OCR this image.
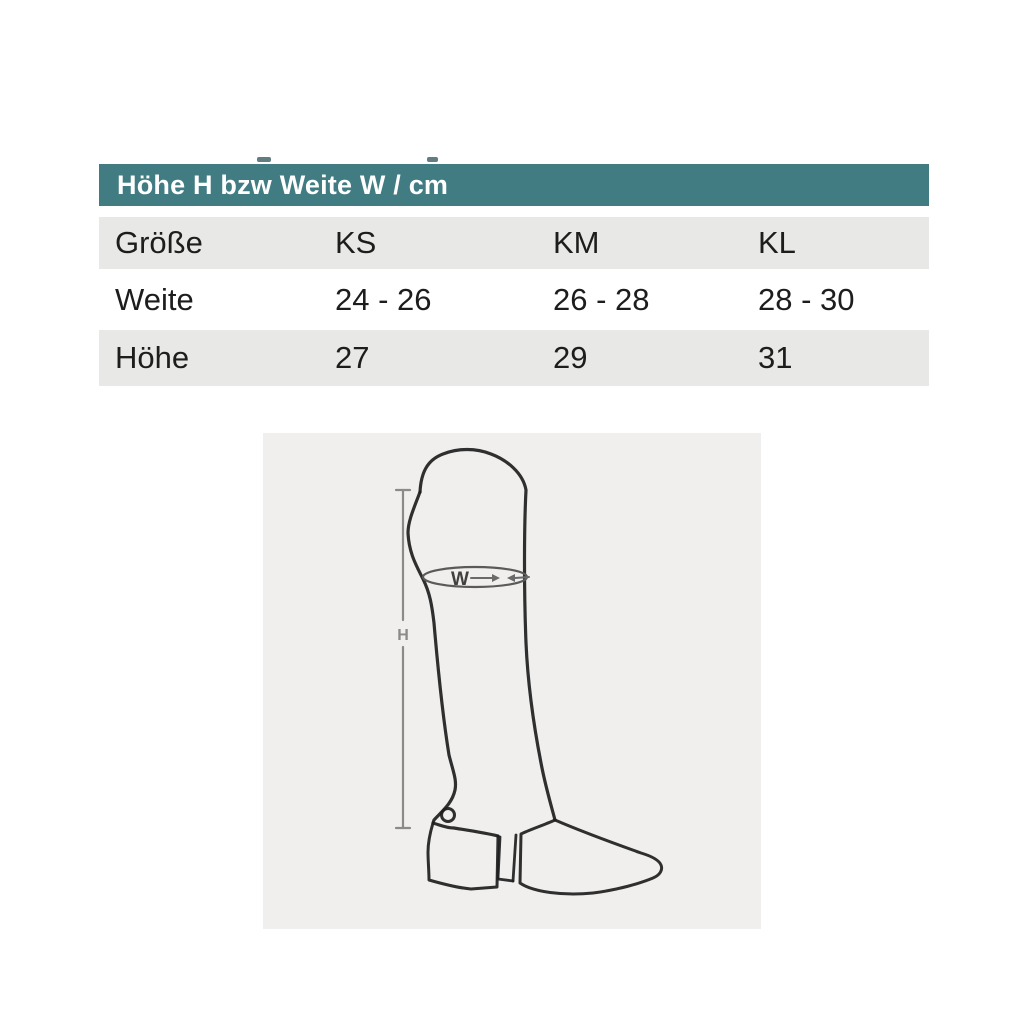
Höhe H bzw Weite W / cm
Größe	KS	KM	KL
Weite	24 - 26	26 - 28	28 - 30
Höhe	27	29	31
H
W
